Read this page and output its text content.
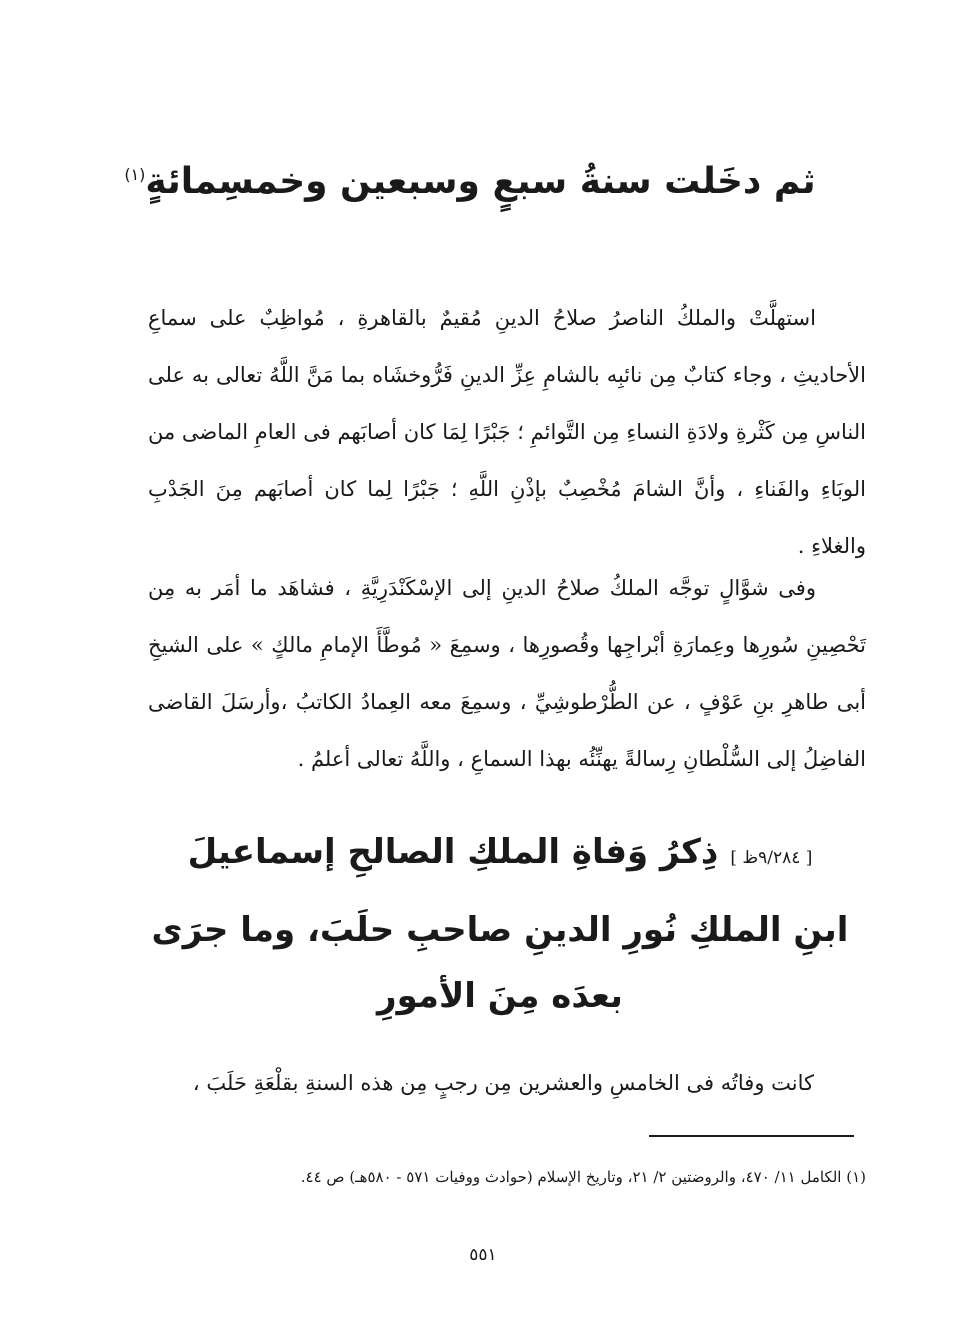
ثم دخَلت سنةُ سبعٍ وسبعين وخمسِمائةٍ$^{(١)}$
استهلَّتْ والملكُ الناصرُ صلاحُ الدينِ مُقيمٌ بالقاهرةِ ، مُواظِبٌ على سماعِ الأحاديثِ ، وجاء كتابٌ مِن نائبِه بالشامِ عِزِّ الدينِ فَرُّوخشَاه بما مَنَّ اللَّهُ تعالى به على الناسِ مِن كَثْرةِ ولادَةِ النساءِ مِن التَّوائمِ ؛ جَبْرًا لِمَا كان أصابَهم فى العامِ الماضى من الوبَاءِ والفَناءِ ، وأنَّ الشامَ مُخْصِبٌ بإذْنِ اللَّهِ ؛ جَبْرًا لِما كان أصابَهم مِنَ الجَدْبِ والغلاءِ .
وفى شوَّالٍ توجَّه الملكُ صلاحُ الدينِ إلى الإسْكَنْدَرِيَّةِ ، فشاهَد ما أمَر به مِن تَحْصِينِ سُورِها وعِمارَةِ أبْراجِها وقُصورِها ، وسمِعَ « مُوطَّأَ الإمامِ مالكٍ » على الشيخِ أبى طاهرِ بنِ عَوْفٍ ، عن الطُّرْطوشِيِّ ، وسمِعَ معه العِمادُ الكاتبُ ،وأرسَلَ القاضى الفاضِلُ إلى السُّلْطانِ رِسالةً يهنِّئُه بهذا السماعِ ، واللَّهُ تعالى أعلمُ .
[ ٩/٢٨٤ظ ]ذِكرُ وَفاةِ الملكِ الصالحِ إسماعيلَ
ابنِ الملكِ نُورِ الدينِ صاحبِ حلَبَ، وما جرَى
بعدَه مِنَ الأمورِ
كانت وفاتُه فى الخامسِ والعشرين مِن رجبٍ مِن هذه السنةِ بقلْعَةِ حَلَبَ ،
(١) الكامل ١١/ ٤٧٠، والروضتين ٢/ ٢١، وتاريخ الإسلام (حوادث ووفيات ٥٧١ - ٥٨٠هـ) ص ٤٤.
٥٥١
